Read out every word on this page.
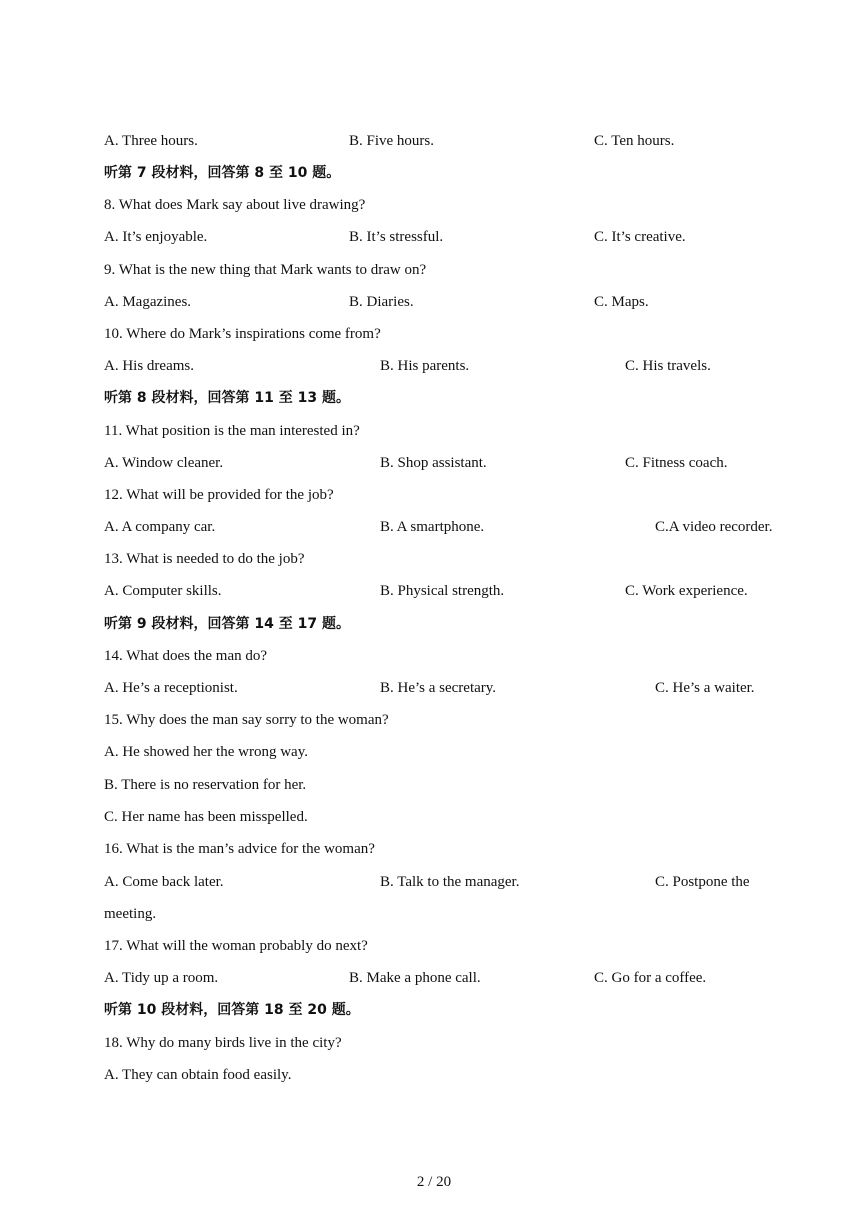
2 / 20
A. Three hours.	B. Five hours.	C. Ten hours.
听第 7 段材料，回答第 8 至 10 题。
8. What does Mark say about live drawing?
A. It’s enjoyable.	B. It’s stressful.	C. It’s creative.
9. What is the new thing that Mark wants to draw on?
A. Magazines.	B. Diaries.	C. Maps.
10. Where do Mark’s inspirations come from?
A. His dreams.	B. His parents.	C. His travels.
听第 8 段材料，回答第 11 至 13 题。
11. What position is the man interested in?
A. Window cleaner.	B. Shop assistant.	C. Fitness coach.
12. What will be provided for the job?
A. A company car.	B. A smartphone.	C.A video recorder.
13. What is needed to do the job?
A. Computer skills.	B. Physical strength.	C. Work experience.
听第 9 段材料，回答第 14 至 17 题。
14. What does the man do?
A. He’s a receptionist.	B. He’s a secretary.	C. He’s a waiter.
15. Why does the man say sorry to the woman?
A. He showed her the wrong way.
B. There is no reservation for her.
C. Her name has been misspelled.
16. What is the man’s advice for the woman?
A. Come back later.	B. Talk to the manager.	C. Postpone the
meeting.
17. What will the woman probably do next?
A. Tidy up a room.	B. Make a phone call.	C. Go for a coffee.
听第 10 段材料，回答第 18 至 20 题。
18. Why do many birds live in the city?
A. They can obtain food easily.
